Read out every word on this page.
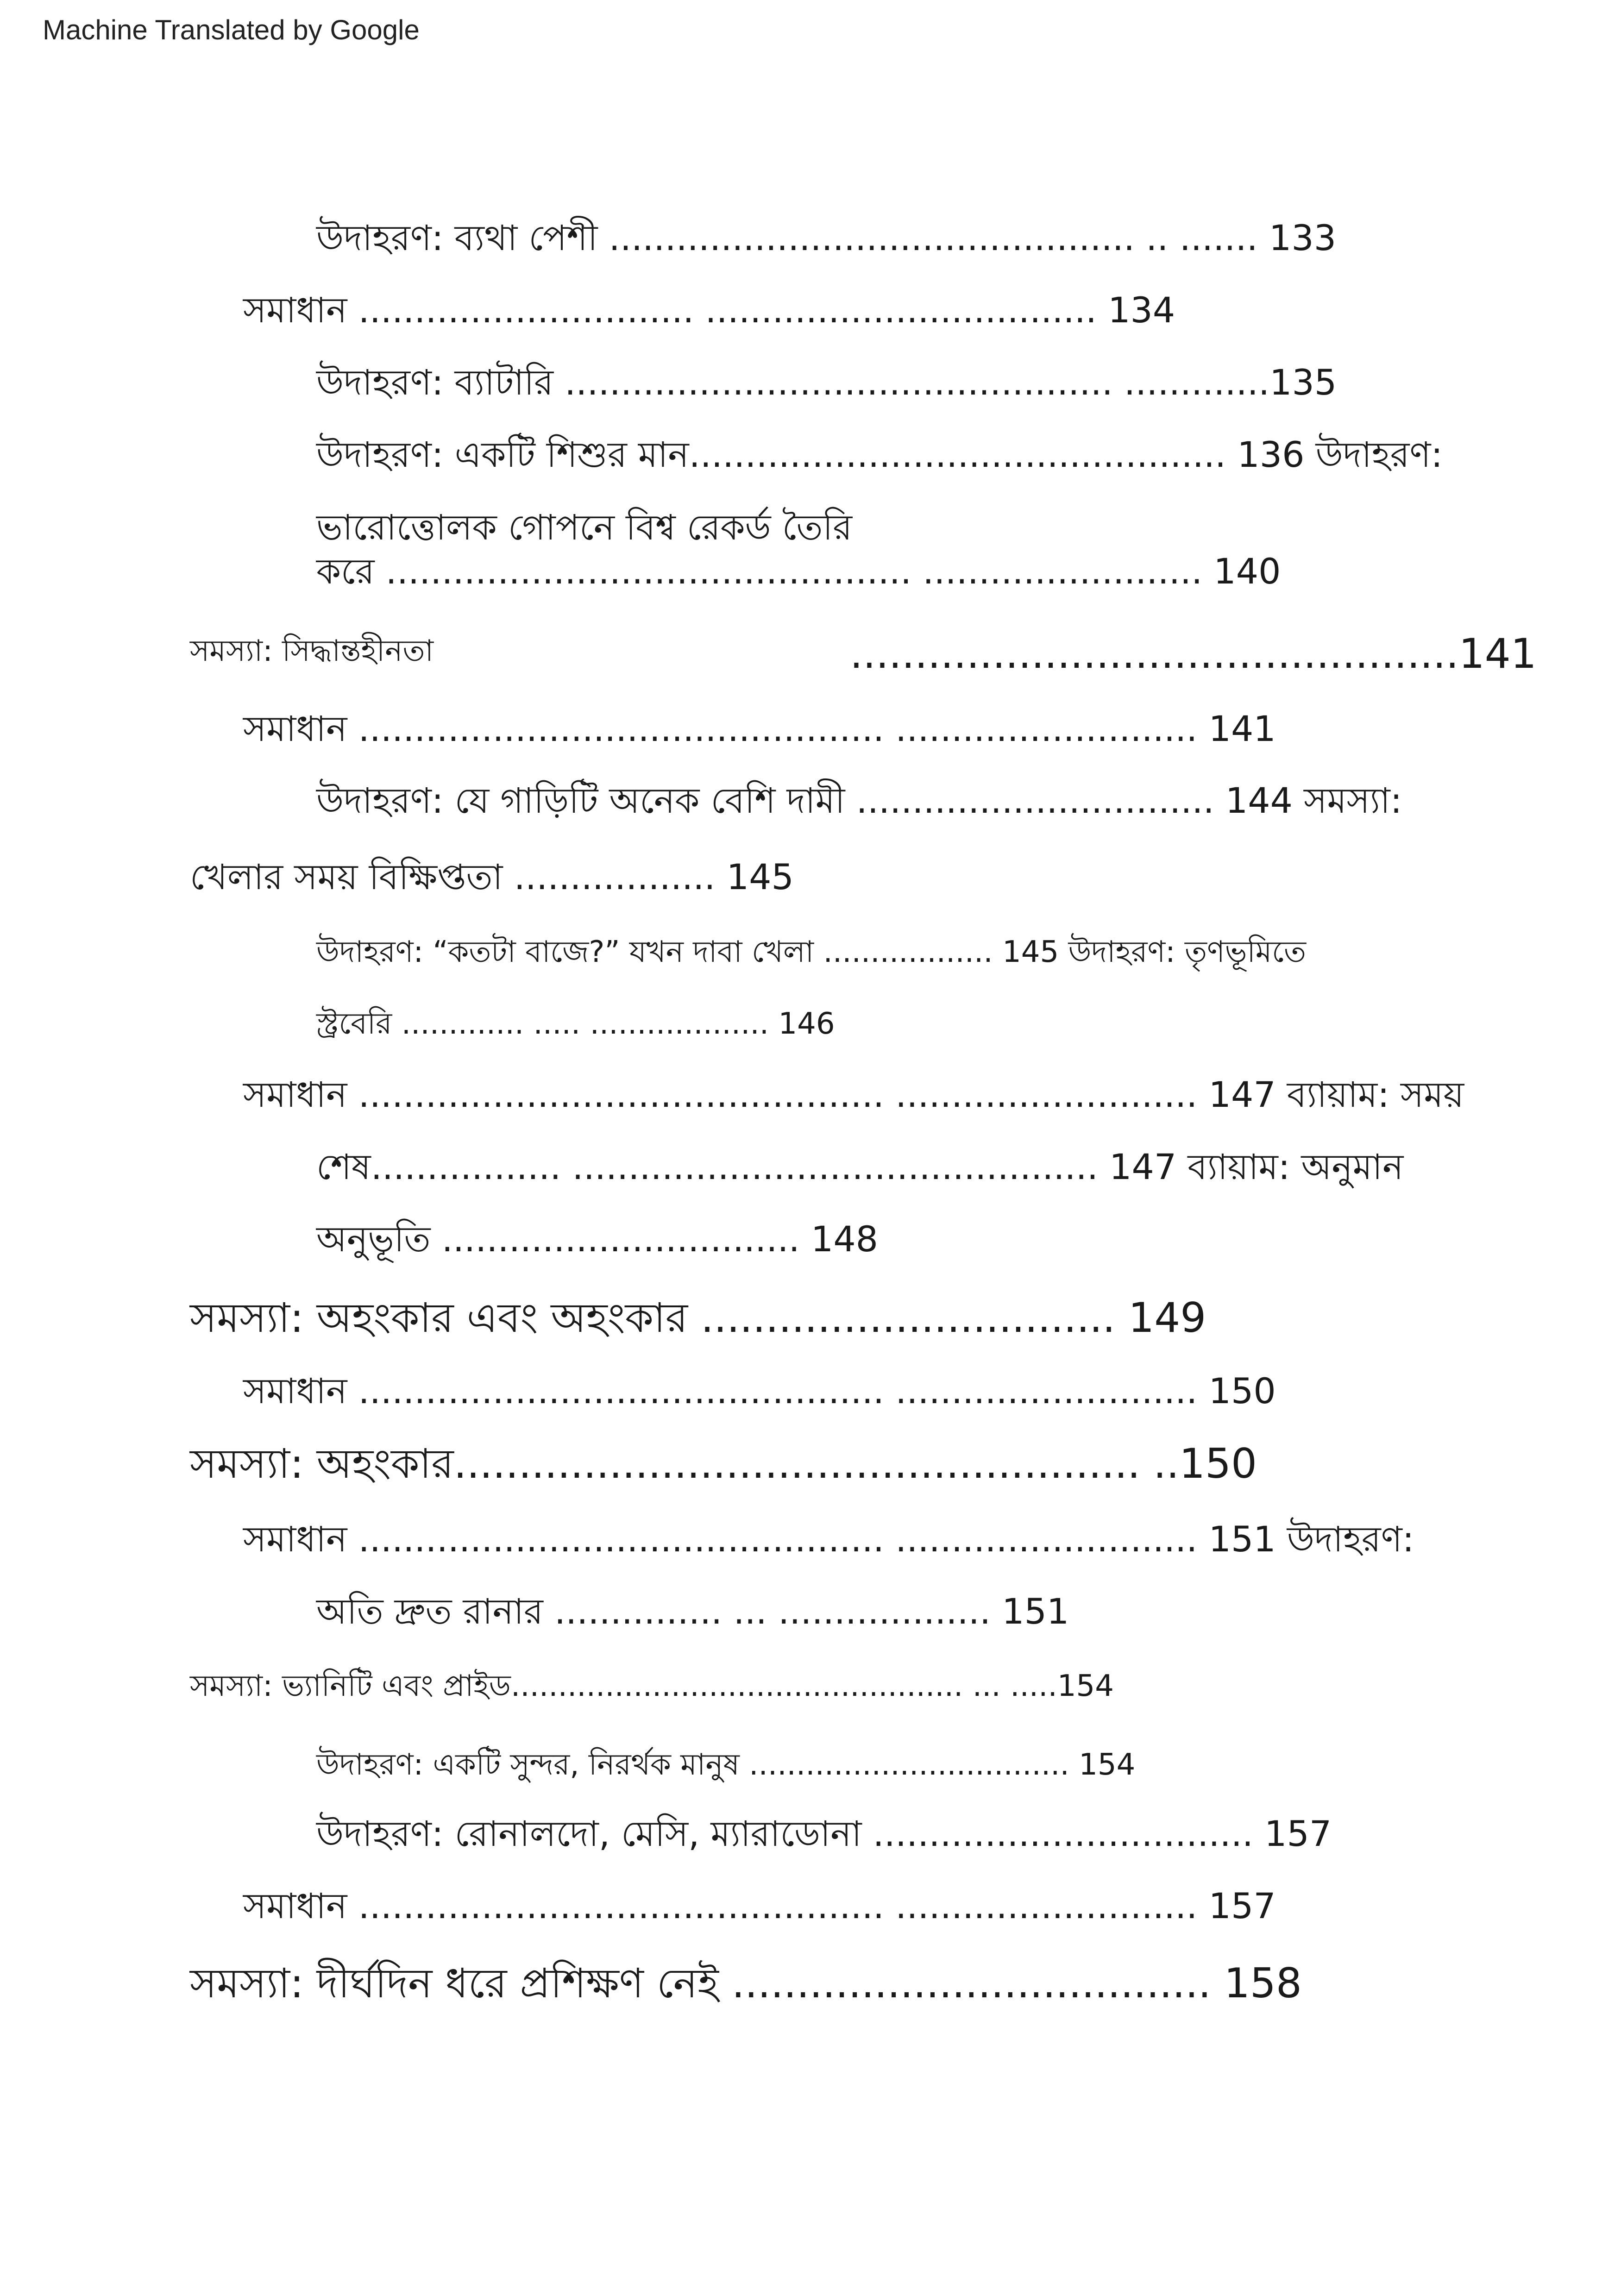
Machine Translated by Google
উদাহরণ: ব্যথা পেশী ............................................... .. ....... 133
সমাধান .............................. ................................... 134
উদাহরণ: ব্যাটারি ................................................. .............135
উদাহরণ: একটি শিশুর মান................................................ 136 উদাহরণ:
ভারোত্তোলক গোপনে বিশ্ব রেকর্ড তৈরি
করে ............................................... ......................... 140
সমস্যা: সিদ্ধান্তহীনতা	...............................................141
সমাধান ............................................... ........................... 141
উদাহরণ: যে গাড়িটি অনেক বেশি দামী ................................ 144 সমস্যা:
খেলার সময় বিক্ষিপ্ততা .................. 145
উদাহরণ: “কতটা বাজে?” যখন দাবা খেলা .................. 145 উদাহরণ: তৃণভূমিতে
স্ট্রবেরি ............. ..... ................... 146
সমাধান ............................................... ........................... 147 ব্যায়াম: সময়
শেষ................. ............................................... 147 ব্যায়াম: অনুমান
অনুভূতি ................................ 148
সমস্যা: অহংকার এবং অহংকার ................................ 149
সমাধান ............................................... ........................... 150
সমস্যা: অহংকার..................................................... ..150
সমাধান ............................................... ........................... 151 উদাহরণ:
অতি দ্রুত রানার ............... ... ................... 151
সমস্যা: ভ্যানিটি এবং প্রাইড................................................ ... .....154
উদাহরণ: একটি সুন্দর, নিরর্থক মানুষ .................................. 154
উদাহরণ: রোনালদো, মেসি, ম্যারাডোনা .................................. 157
সমাধান ............................................... ........................... 157
সমস্যা: দীর্ঘদিন ধরে প্রশিক্ষণ নেই ..................................... 158
